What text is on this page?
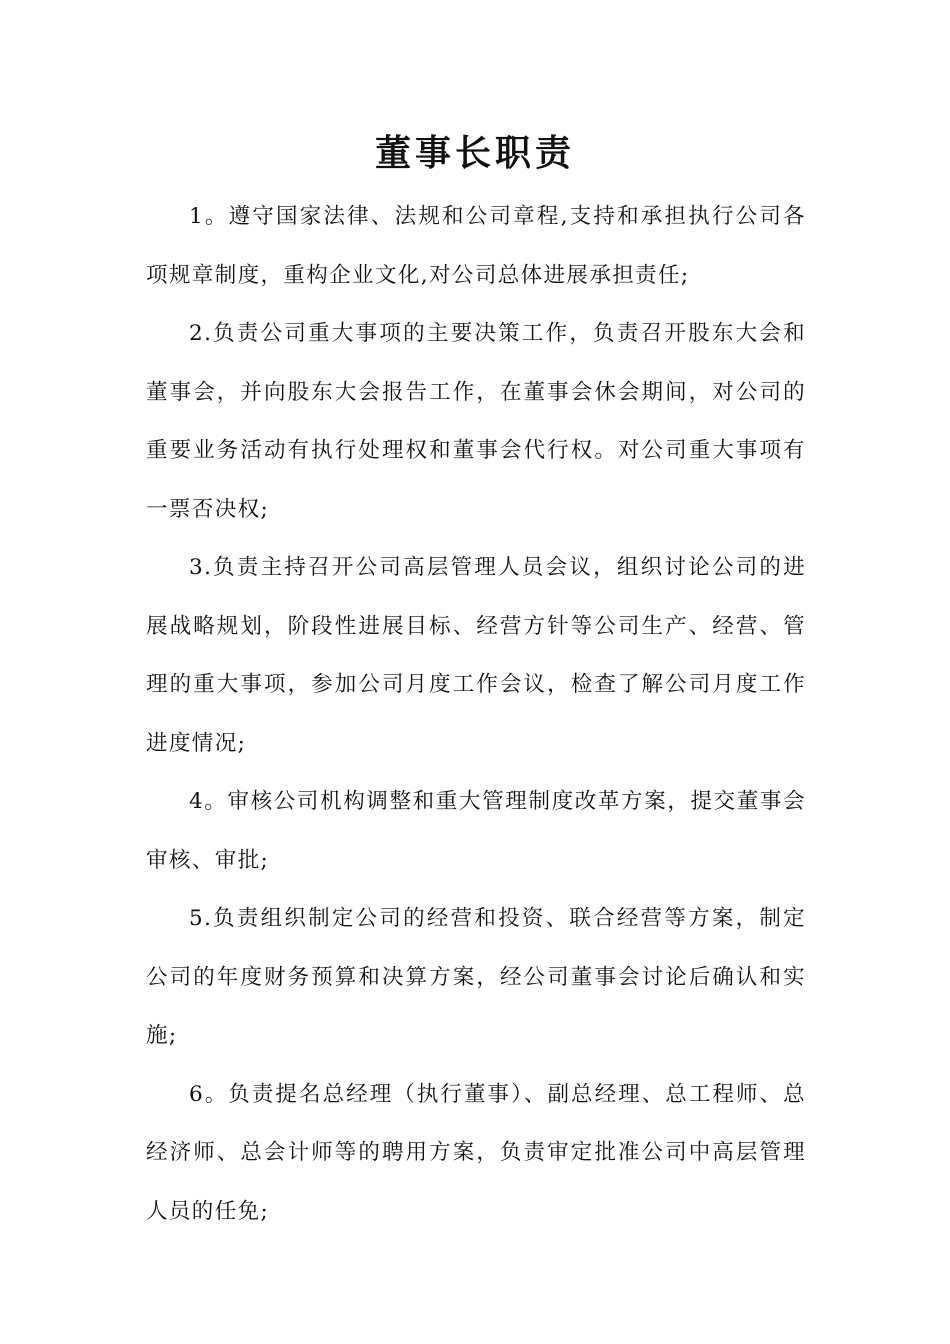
董事长职责

1。遵守国家法律、法规和公司章程,支持和承担执行公司各项规章制度，重构企业文化,对公司总体进展承担责任;

2.负责公司重大事项的主要决策工作，负责召开股东大会和董事会，并向股东大会报告工作，在董事会休会期间，对公司的重要业务活动有执行处理权和董事会代行权。对公司重大事项有一票否决权;

3.负责主持召开公司高层管理人员会议，组织讨论公司的进展战略规划，阶段性进展目标、经营方针等公司生产、经营、管理的重大事项，参加公司月度工作会议，检查了解公司月度工作进度情况;

4。审核公司机构调整和重大管理制度改革方案，提交董事会审核、审批;

5.负责组织制定公司的经营和投资、联合经营等方案，制定公司的年度财务预算和决算方案，经公司董事会讨论后确认和实施;

6。负责提名总经理（执行董事）、副总经理、总工程师、总经济师、总会计师等的聘用方案，负责审定批准公司中高层管理人员的任免;
